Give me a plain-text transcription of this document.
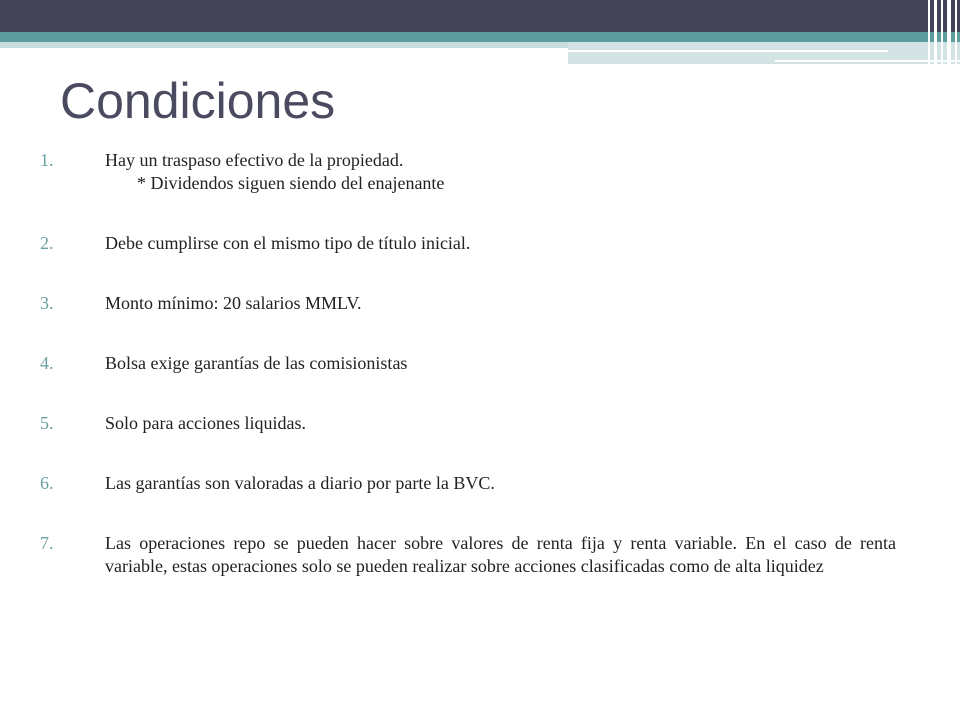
Condiciones
1.	Hay un traspaso efectivo de la propiedad.
* Dividendos siguen siendo del enajenante
2.	Debe cumplirse con el mismo tipo de título inicial.
3.	Monto mínimo: 20 salarios MMLV.
4.	Bolsa exige garantías de las comisionistas
5.	Solo para acciones liquidas.
6.	Las garantías son valoradas a diario por parte la BVC.
7.	Las operaciones repo se pueden hacer sobre valores de renta fija y renta variable. En el caso de renta variable, estas operaciones solo se pueden realizar sobre acciones clasificadas como de alta liquidez
